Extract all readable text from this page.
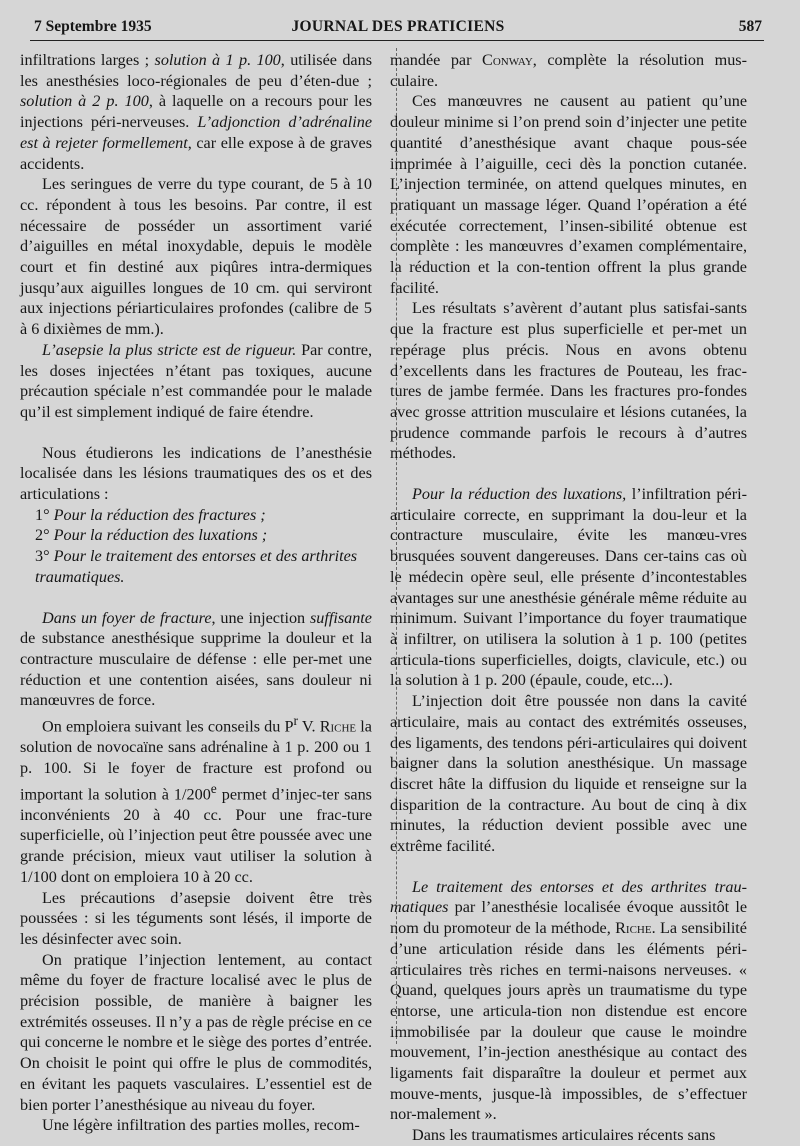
7 Septembre 1935	JOURNAL DES PRATICIENS	587

infiltrations larges ; solution à 1 p. 100, utilisée dans les anesthésies loco-régionales de peu d’éten-due ; solution à 2 p. 100, à laquelle on a recours pour les injections péri-nerveuses. L’adjonction d’adrénaline est à rejeter formellement, car elle expose à de graves accidents.

Les seringues de verre du type courant, de 5 à 10 cc. répondent à tous les besoins. Par contre, il est nécessaire de posséder un assortiment varié d’aiguilles en métal inoxydable, depuis le modèle court et fin destiné aux piqûres intra-dermiques jusqu’aux aiguilles longues de 10 cm. qui serviront aux injections périarticulaires profondes (calibre de 5 à 6 dixièmes de mm.).

L’asepsie la plus stricte est de rigueur. Par contre, les doses injectées n’étant pas toxiques, aucune précaution spéciale n’est commandée pour le malade qu’il est simplement indiqué de faire étendre.

Nous étudierons les indications de l’anesthésie localisée dans les lésions traumatiques des os et des articulations :

1° Pour la réduction des fractures ;

2° Pour la réduction des luxations ;

3° Pour le traitement des entorses et des arthrites traumatiques.

Dans un foyer de fracture, une injection suffisante de substance anesthésique supprime la douleur et la contracture musculaire de défense : elle per-met une réduction et une contention aisées, sans douleur ni manœuvres de force.

On emploiera suivant les conseils du $P^r$ V. Riche la solution de novocaïne sans adrénaline à 1 p. 200 ou 1 p. 100. Si le foyer de fracture est profond ou important la solution à 1/200e permet d’injec-ter sans inconvénients 20 à 40 cc. Pour une frac-ture superficielle, où l’injection peut être poussée avec une grande précision, mieux vaut utiliser la solution à 1/100 dont on emploiera 10 à 20 cc.

Les précautions d’asepsie doivent être très poussées : si les téguments sont lésés, il importe de les désinfecter avec soin.

On pratique l’injection lentement, au contact même du foyer de fracture localisé avec le plus de précision possible, de manière à baigner les extrémités osseuses. Il n’y a pas de règle précise en ce qui concerne le nombre et le siège des portes d’entrée. On choisit le point qui offre le plus de commodités, en évitant les paquets vasculaires. L’essentiel est de bien porter l’anesthésique au niveau du foyer.

Une légère infiltration des parties molles, recom-

mandée par Conway, complète la résolution mus-culaire.

Ces manœuvres ne causent au patient qu’une douleur minime si l’on prend soin d’injecter une petite quantité d’anesthésique avant chaque pous-sée imprimée à l’aiguille, ceci dès la ponction cutanée. L’injection terminée, on attend quelques minutes, en pratiquant un massage léger. Quand l’opération a été exécutée correctement, l’insen-sibilité obtenue est complète : les manœuvres d’examen complémentaire, la réduction et la con-tention offrent la plus grande facilité.

Les résultats s’avèrent d’autant plus satisfai-sants que la fracture est plus superficielle et per-met un repérage plus précis. Nous en avons obtenu d’excellents dans les fractures de Pouteau, les frac-tures de jambe fermée. Dans les fractures pro-fondes avec grosse attrition musculaire et lésions cutanées, la prudence commande parfois le recours à d’autres méthodes.

Pour la réduction des luxations, l’infiltration péri-articulaire correcte, en supprimant la dou-leur et la contracture musculaire, évite les manœu-vres brusquées souvent dangereuses. Dans cer-tains cas où le médecin opère seul, elle présente d’incontestables avantages sur une anesthésie générale même réduite au minimum. Suivant l’importance du foyer traumatique à infiltrer, on utilisera la solution à 1 p. 100 (petites articula-tions superficielles, doigts, clavicule, etc.) ou la solution à 1 p. 200 (épaule, coude, etc...).

L’injection doit être poussée non dans la cavité articulaire, mais au contact des extrémités osseuses, des ligaments, des tendons péri-articulaires qui doivent baigner dans la solution anesthésique. Un massage discret hâte la diffusion du liquide et renseigne sur la disparition de la contracture. Au bout de cinq à dix minutes, la réduction devient possible avec une extrême facilité.

Le traitement des entorses et des arthrites trau-matiques par l’anesthésie localisée évoque aussitôt le nom du promoteur de la méthode, Riche. La sensibilité d’une articulation réside dans les éléments péri-articulaires très riches en termi-naisons nerveuses. « Quand, quelques jours après un traumatisme du type entorse, une articula-tion non distendue est encore immobilisée par la douleur que cause le moindre mouvement, l’in-jection anesthésique au contact des ligaments fait disparaître la douleur et permet aux mouve-ments, jusque-là impossibles, de s’effectuer nor-malement ».

Dans les traumatismes articulaires récents sans
